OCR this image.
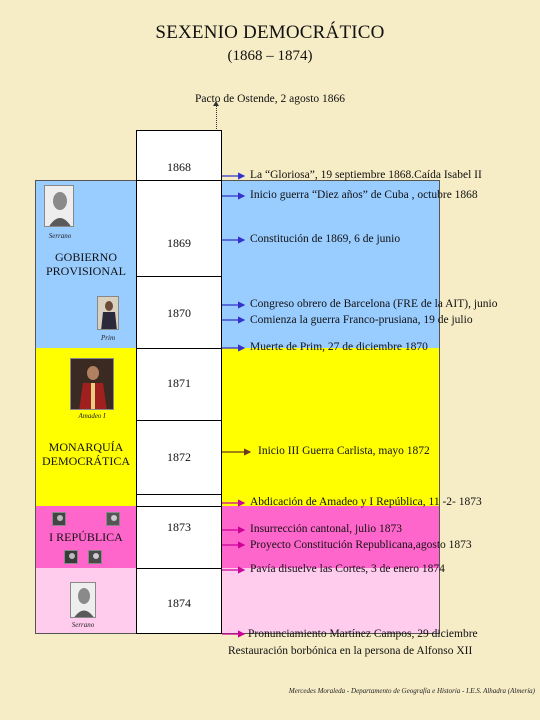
SEXENIO DEMOCRÁTICO
(1868 – 1874)
Pacto de Ostende, 2 agosto 1866
1868
1869
1870
1871
1872
1873
1874
Serrano
Prim
Amadeo I
Serrano
GOBIERNO PROVISIONAL
MONARQUÍA DEMOCRÁTICA
I REPÚBLICA
La “Gloriosa”, 19 septiembre 1868.Caída Isabel II
Inicio guerra “Diez años” de Cuba , octubre 1868
Constitución de 1869, 6 de junio
Congreso obrero de Barcelona (FRE de la AIT), junio
Comienza la guerra Franco-prusiana, 19 de julio
Muerte de Prim, 27 de diciembre 1870
Inicio III Guerra Carlista, mayo 1872
Abdicación de Amadeo y I República, 11 -2- 1873
Insurrección cantonal, julio 1873
Proyecto Constitución Republicana,agosto 1873
Pavía disuelve las Cortes, 3 de enero 1874
Pronunciamiento Martínez Campos, 29 diciembre
Restauración borbónica en la persona de Alfonso XII
Mercedes Moraleda - Departamento de Geografía e Historia - I.E.S. Alhadra (Almería)
